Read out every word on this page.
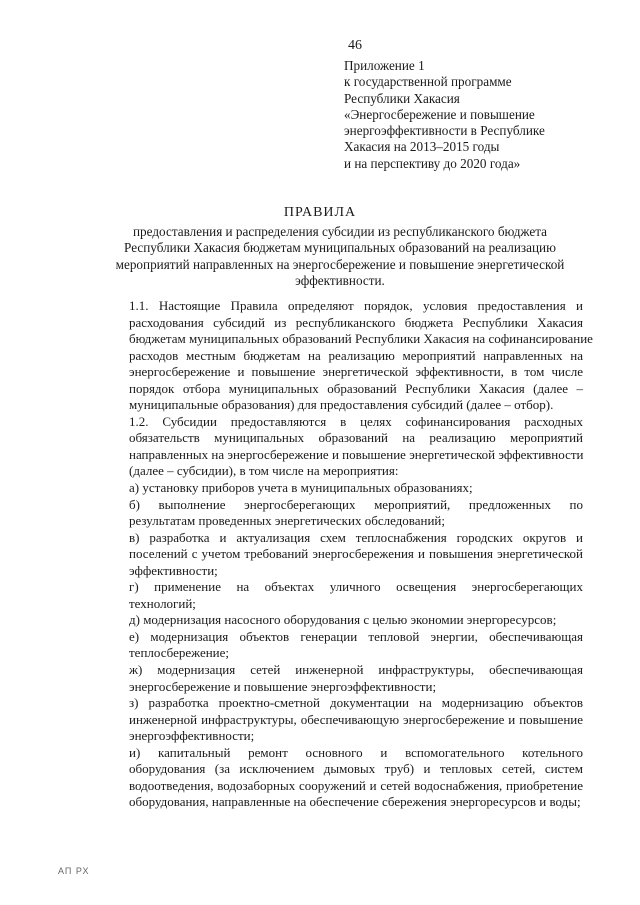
46
Приложение 1
к государственной программе
Республики Хакасия
«Энергосбережение и повышение
энергоэффективности в Республике
Хакасия на 2013–2015 годы
и на перспективу до 2020 года»
ПРАВИЛА
предоставления и распределения субсидии из республиканского бюджета
Республики Хакасия бюджетам муниципальных образований на реализацию
мероприятий направленных на энергосбережение и повышение энергетической
эффективности.
1.1. Настоящие Правила определяют порядок, условия предоставления и
расходования субсидий из республиканского бюджета Республики Хакасия
бюджетам муниципальных образований Республики Хакасия на софинансирование
расходов местным бюджетам на реализацию мероприятий направленных на
энергосбережение и повышение энергетической эффективности, в том числе
порядок отбора муниципальных образований Республики Хакасия (далее –
муниципальные образования) для предоставления субсидий (далее – отбор).
1.2. Субсидии предоставляются в целях софинансирования расходных
обязательств муниципальных образований на реализацию мероприятий
направленных на энергосбережение и повышение энергетической эффективности
(далее – субсидии), в том числе на мероприятия:
а) установку приборов учета в муниципальных образованиях;
б) выполнение энергосберегающих мероприятий, предложенных по
результатам проведенных энергетических обследований;
в) разработка и актуализация схем теплоснабжения городских округов и
поселений с учетом требований энергосбережения и повышения энергетической
эффективности;
г) применение на объектах уличного освещения энергосберегающих
технологий;
д) модернизация насосного оборудования с целью экономии энергоресурсов;
е) модернизация объектов генерации тепловой энергии, обеспечивающая
теплосбережение;
ж) модернизация сетей инженерной инфраструктуры, обеспечивающая
энергосбережение и повышение энергоэффективности;
з) разработка проектно-сметной документации на модернизацию объектов
инженерной инфраструктуры, обеспечивающую энергосбережение и повышение
энергоэффективности;
и) капитальный ремонт основного и вспомогательного котельного
оборудования (за исключением дымовых труб) и тепловых сетей, систем
водоотведения, водозаборных сооружений и сетей водоснабжения, приобретение
оборудования, направленные на обеспечение сбережения энергоресурсов и воды;
АП РХ
